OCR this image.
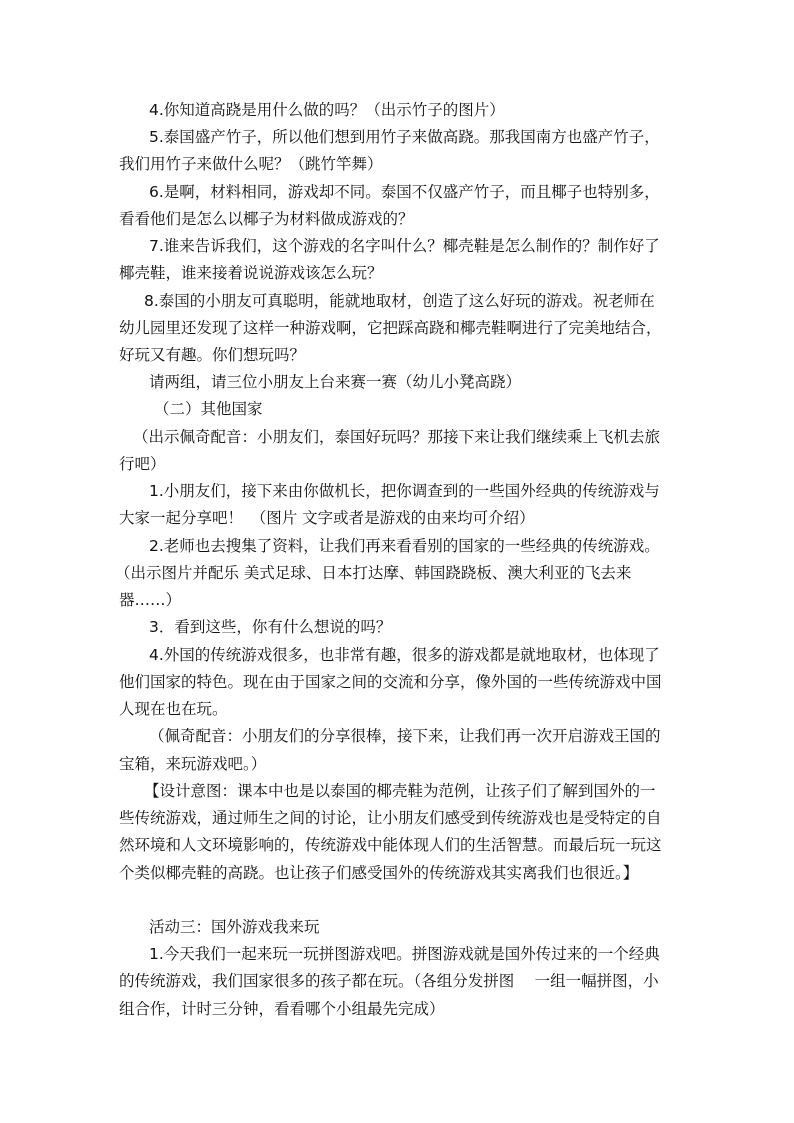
4.你知道高跷是用什么做的吗？（出示竹子的图片）
5.泰国盛产竹子，所以他们想到用竹子来做高跷。那我国南方也盛产竹子，
我们用竹子来做什么呢？（跳竹竿舞）
6.是啊，材料相同，游戏却不同。泰国不仅盛产竹子，而且椰子也特别多，
看看他们是怎么以椰子为材料做成游戏的？
7.谁来告诉我们，这个游戏的名字叫什么？椰壳鞋是怎么制作的？制作好了
椰壳鞋，谁来接着说说游戏该怎么玩？
8.泰国的小朋友可真聪明，能就地取材，创造了这么好玩的游戏。祝老师在
幼儿园里还发现了这样一种游戏啊，它把踩高跷和椰壳鞋啊进行了完美地结合，
好玩又有趣。你们想玩吗？
请两组，请三位小朋友上台来赛一赛（幼儿小凳高跷）
（二）其他国家
（出示佩奇配音：小朋友们，泰国好玩吗？那接下来让我们继续乘上飞机去旅
行吧）
1.小朋友们，接下来由你做机长，把你调查到的一些国外经典的传统游戏与
大家一起分享吧！　（图片 文字或者是游戏的由来均可介绍）
2.老师也去搜集了资料，让我们再来看看别的国家的一些经典的传统游戏。
（出示图片并配乐 美式足球、日本打达摩、韩国跷跷板、澳大利亚的飞去来
器……）
3．看到这些，你有什么想说的吗？
4.外国的传统游戏很多，也非常有趣，很多的游戏都是就地取材，也体现了
他们国家的特色。现在由于国家之间的交流和分享，像外国的一些传统游戏中国
人现在也在玩。
（佩奇配音：小朋友们的分享很棒，接下来，让我们再一次开启游戏王国的
宝箱，来玩游戏吧。）
【设计意图：课本中也是以泰国的椰壳鞋为范例，让孩子们了解到国外的一
些传统游戏，通过师生之间的讨论，让小朋友们感受到传统游戏也是受特定的自
然环境和人文环境影响的，传统游戏中能体现人们的生活智慧。而最后玩一玩这
个类似椰壳鞋的高跷。也让孩子们感受国外的传统游戏其实离我们也很近。】
活动三：国外游戏我来玩
1.今天我们一起来玩一玩拼图游戏吧。拼图游戏就是国外传过来的一个经典
的传统游戏，我们国家很多的孩子都在玩。（各组分发拼图　 一组一幅拼图，小
组合作，计时三分钟，看看哪个小组最先完成）
